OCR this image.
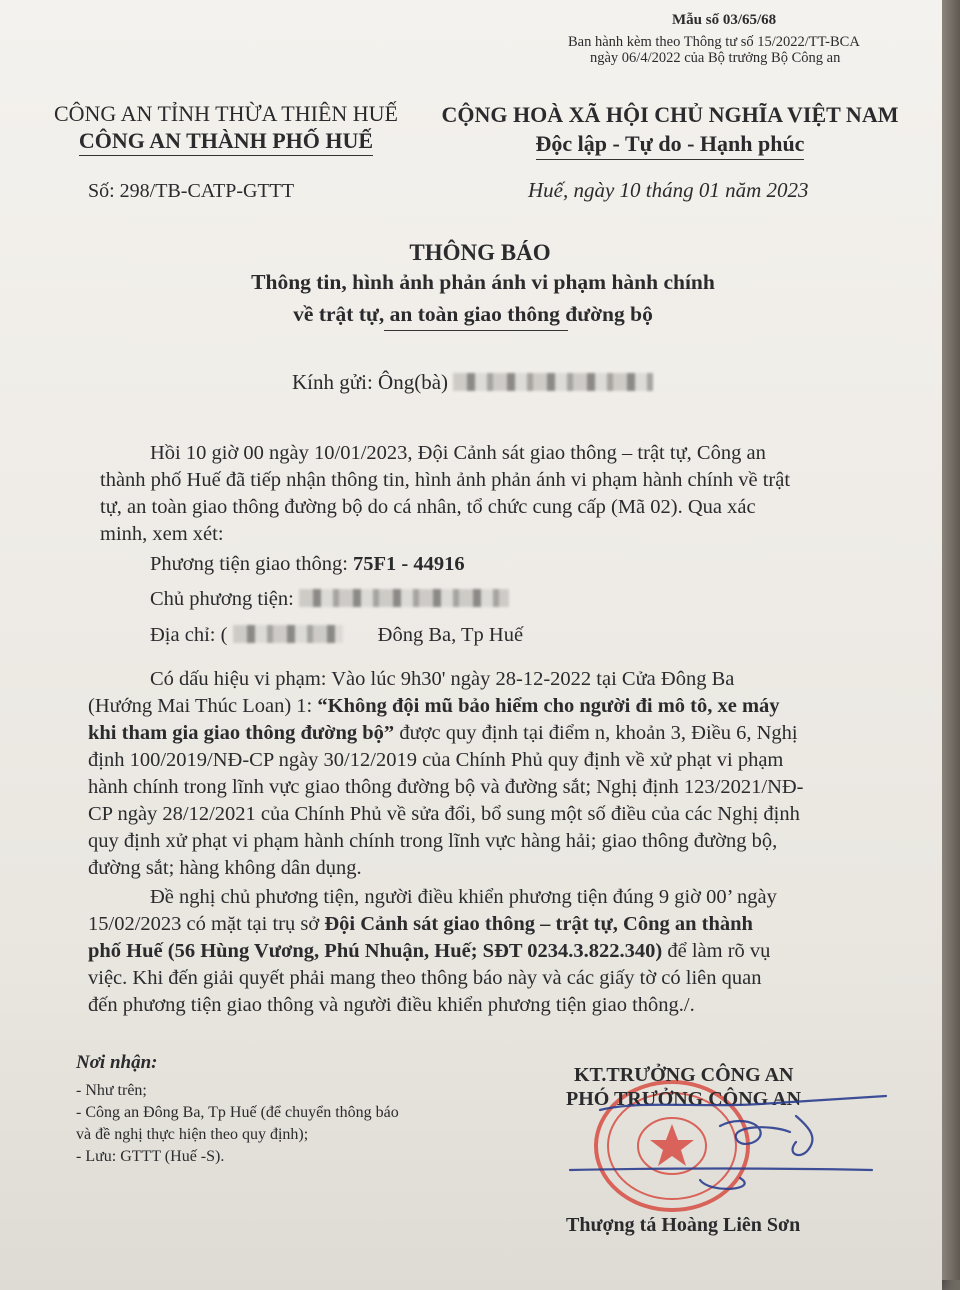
Mẫu số 03/65/68
Ban hành kèm theo Thông tư số 15/2022/TT-BCA
ngày 06/4/2022 của Bộ trưởng Bộ Công an
CÔNG AN TỈNH THỪA THIÊN HUẾ
CÔNG AN THÀNH PHỐ HUẾ
CỘNG HOÀ XÃ HỘI CHỦ NGHĨA VIỆT NAM
Độc lập - Tự do - Hạnh phúc
Số: 298/TB-CATP-GTTT	Huế, ngày 10 tháng 01 năm 2023
THÔNG BÁO
Thông tin, hình ảnh phản ánh vi phạm hành chính
về trật tự, an toàn giao thông đường bộ
Kính gửi: Ông(bà)
Hồi 10 giờ 00 ngày 10/01/2023, Đội Cảnh sát giao thông – trật tự, Công an
thành phố Huế đã tiếp nhận thông tin, hình ảnh phản ánh vi phạm hành chính về trật
tự, an toàn giao thông đường bộ do cá nhân, tổ chức cung cấp (Mã 02). Qua xác
minh, xem xét:
Phương tiện giao thông: 75F1 - 44916
Chủ phương tiện:
Địa chỉ: (	Đông Ba, Tp Huế
Có dấu hiệu vi phạm: Vào lúc 9h30' ngày 28-12-2022 tại Cửa Đông Ba
(Hướng Mai Thúc Loan) 1: “Không đội mũ bảo hiểm cho người đi mô tô, xe máy
khi tham gia giao thông đường bộ” được quy định tại điểm n, khoản 3, Điều 6, Nghị
định 100/2019/NĐ-CP ngày 30/12/2019 của Chính Phủ quy định về xử phạt vi phạm
hành chính trong lĩnh vực giao thông đường bộ và đường sắt; Nghị định 123/2021/NĐ-
CP ngày 28/12/2021 của Chính Phủ về sửa đổi, bổ sung một số điều của các Nghị định
quy định xử phạt vi phạm hành chính trong lĩnh vực hàng hải; giao thông đường bộ,
đường sắt; hàng không dân dụng.
Đề nghị chủ phương tiện, người điều khiển phương tiện đúng 9 giờ 00’ ngày
15/02/2023 có mặt tại trụ sở Đội Cảnh sát giao thông – trật tự, Công an thành
phố Huế (56 Hùng Vương, Phú Nhuận, Huế; SĐT 0234.3.822.340) để làm rõ vụ
việc. Khi đến giải quyết phải mang theo thông báo này và các giấy tờ có liên quan
đến phương tiện giao thông và người điều khiển phương tiện giao thông./.
Nơi nhận:
- Như trên;
- Công an Đông Ba, Tp Huế (để chuyển thông báo
và đề nghị thực hiện theo quy định);
- Lưu: GTTT (Huế -S).
KT.TRƯỞNG CÔNG AN
PHÓ TRƯỞNG CÔNG AN
Thượng tá Hoàng Liên Sơn
